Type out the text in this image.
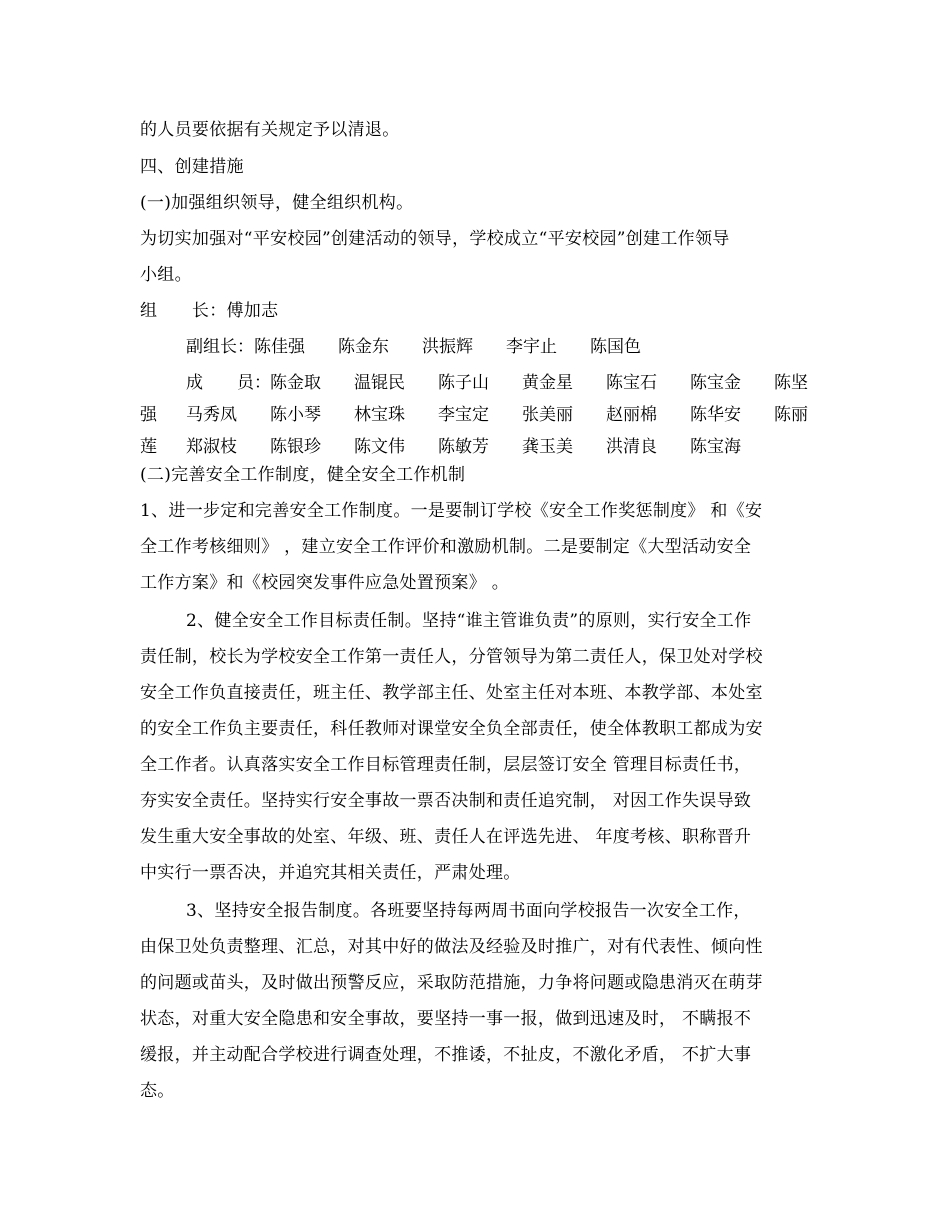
的人员要依据有关规定予以清退。
四、创建措施
(一)加强组织领导，健全组织机构。
为切实加强对“平安校园”创建活动的领导，学校成立“平安校园”创建工作领导
小组。
组　　长：傅加志
副组长： 陈佳强	陈金东	洪振辉	李宇止	陈国色
成　　员： 陈金取	温锟民	陈子山	黄金星	陈宝石	陈宝金	陈坚
强	马秀凤	陈小琴	林宝珠	李宝定	张美丽	赵丽棉	陈华安	陈丽
莲	郑淑枝	陈银珍	陈文伟	陈敏芳	龚玉美	洪清良	陈宝海
(二)完善安全工作制度，健全安全工作机制
1、进一步定和完善安全工作制度。一是要制订学校《安全工作奖惩制度》 和《安
全工作考核细则》 ，建立安全工作评价和激励机制。二是要制定《大型活动安全
工作方案》和《校园突发事件应急处置预案》 。
2、健全安全工作目标责任制。坚持“谁主管谁负责”的原则，实行安全工作
责任制，校长为学校安全工作第一责任人，分管领导为第二责任人，保卫处对学校
安全工作负直接责任，班主任、教学部主任、处室主任对本班、本教学部、本处室
的安全工作负主要责任，科任教师对课堂安全负全部责任，使全体教职工都成为安
全工作者。认真落实安全工作目标管理责任制，层层签订安全 管理目标责任书，
夯实安全责任。坚持实行安全事故一票否决制和责任追究制， 对因工作失误导致
发生重大安全事故的处室、年级、班、责任人在评选先进、 年度考核、职称晋升
中实行一票否决，并追究其相关责任，严肃处理。
3、坚持安全报告制度。各班要坚持每两周书面向学校报告一次安全工作，
由保卫处负责整理、汇总，对其中好的做法及经验及时推广，对有代表性、倾向性
的问题或苗头，及时做出预警反应，采取防范措施，力争将问题或隐患消灭在萌芽
状态，对重大安全隐患和安全事故，要坚持一事一报，做到迅速及时， 不瞒报不
缓报，并主动配合学校进行调查处理，不推诿，不扯皮，不激化矛盾， 不扩大事
态。
